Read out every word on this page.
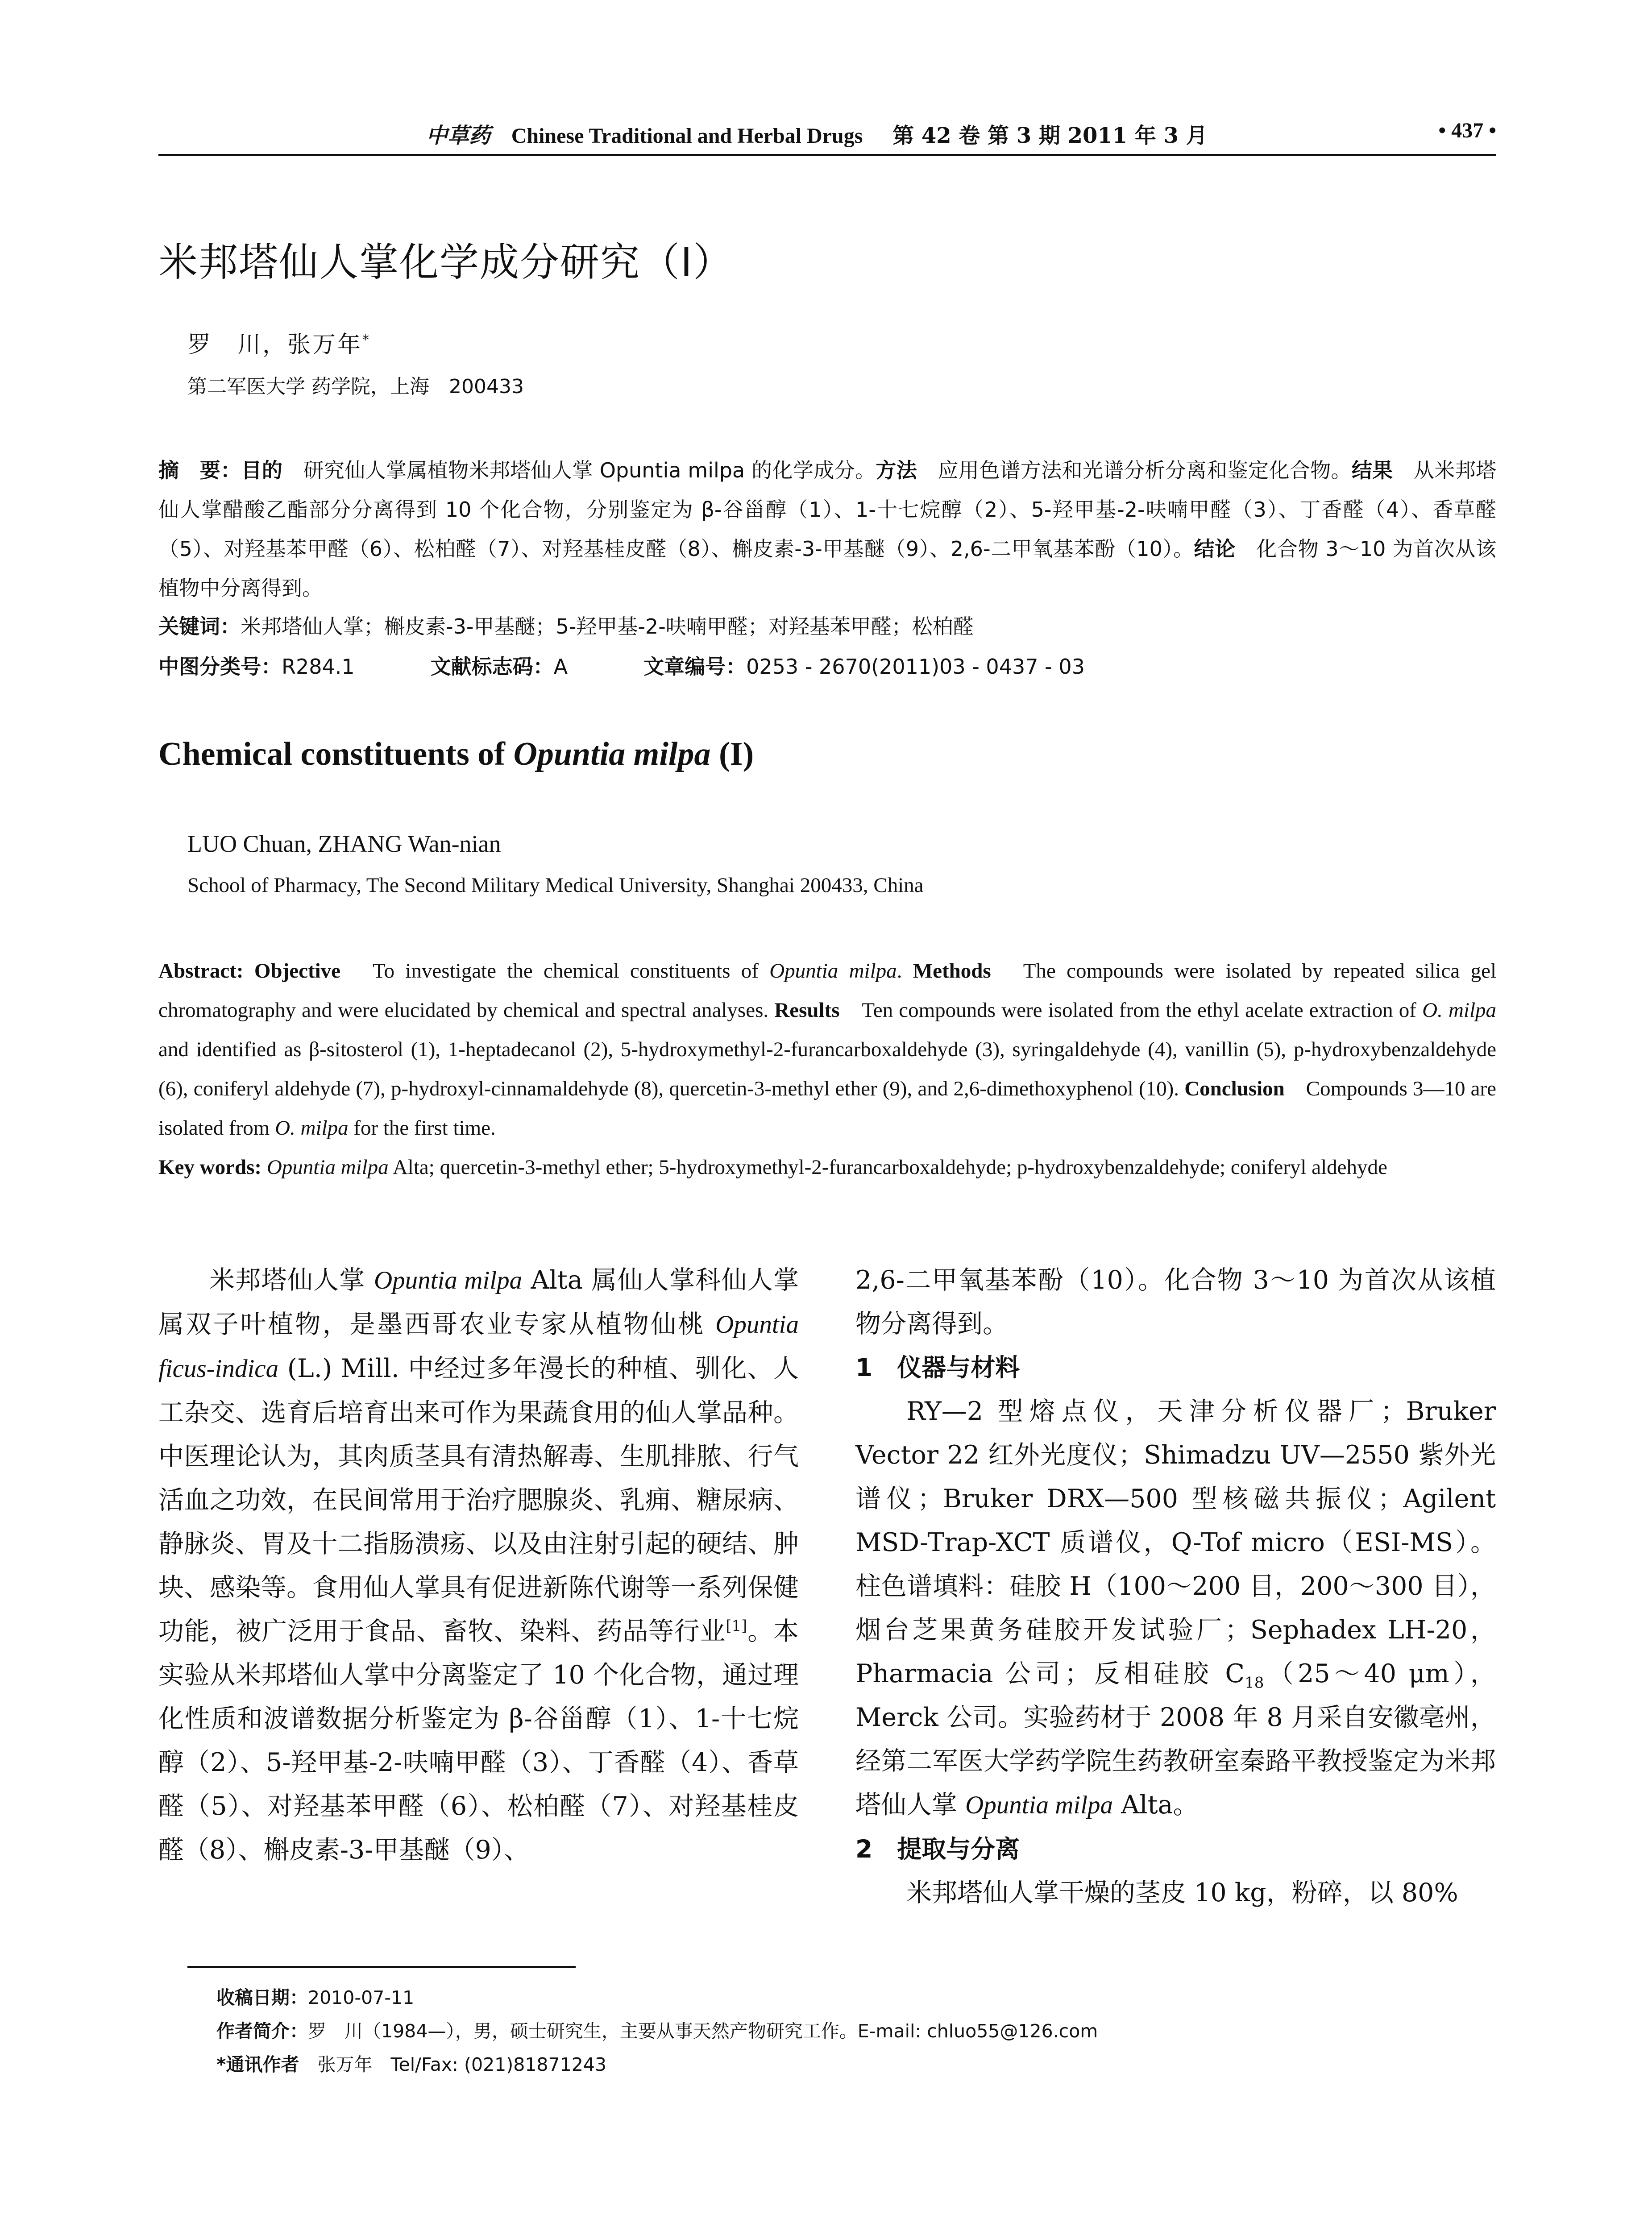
中草药 Chinese Traditional and Herbal Drugs 第 42 卷 第 3 期 2011 年 3 月	• 437 •
米邦塔仙人掌化学成分研究（I）
罗　川，张万年*
第二军医大学 药学院，上海　200433
摘　要：目的　研究仙人掌属植物米邦塔仙人掌 Opuntia milpa 的化学成分。方法　应用色谱方法和光谱分析分离和鉴定化合物。结果　从米邦塔仙人掌醋酸乙酯部分分离得到 10 个化合物，分别鉴定为 β-谷甾醇（1）、1-十七烷醇（2）、5-羟甲基-2-呋喃甲醛（3）、丁香醛（4）、香草醛（5）、对羟基苯甲醛（6）、松柏醛（7）、对羟基桂皮醛（8）、槲皮素-3-甲基醚（9）、2,6-二甲氧基苯酚（10）。结论　化合物 3～10 为首次从该植物中分离得到。
关键词：米邦塔仙人掌；槲皮素-3-甲基醚；5-羟甲基-2-呋喃甲醛；对羟基苯甲醛；松柏醛
中图分类号：R284.1	文献标志码：A	文章编号：0253 - 2670(2011)03 - 0437 - 03
Chemical constituents of Opuntia milpa (I)
LUO Chuan, ZHANG Wan-nian
School of Pharmacy, The Second Military Medical University, Shanghai 200433, China
Abstract: Objective　To investigate the chemical constituents of Opuntia milpa. Methods　The compounds were isolated by repeated silica gel chromatography and were elucidated by chemical and spectral analyses. Results　Ten compounds were isolated from the ethyl acelate extraction of O. milpa and identified as β-sitosterol (1), 1-heptadecanol (2), 5-hydroxymethyl-2-furancarboxaldehyde (3), syringaldehyde (4), vanillin (5), p-hydroxybenzaldehyde (6), coniferyl aldehyde (7), p-hydroxyl-cinnamaldehyde (8), quercetin-3-methyl ether (9), and 2,6-dimethoxyphenol (10). Conclusion　Compounds 3—10 are isolated from O. milpa for the first time.
Key words: Opuntia milpa Alta; quercetin-3-methyl ether; 5-hydroxymethyl-2-furancarboxaldehyde; p-hydroxybenzaldehyde; coniferyl aldehyde

米邦塔仙人掌 Opuntia milpa Alta 属仙人掌科仙人掌属双子叶植物，是墨西哥农业专家从植物仙桃 Opuntia ficus-indica (L.) Mill. 中经过多年漫长的种植、驯化、人工杂交、选育后培育出来可作为果蔬食用的仙人掌品种。中医理论认为，其肉质茎具有清热解毒、生肌排脓、行气活血之功效，在民间常用于治疗腮腺炎、乳痈、糖尿病、静脉炎、胃及十二指肠溃疡、以及由注射引起的硬结、肿块、感染等。食用仙人掌具有促进新陈代谢等一系列保健功能，被广泛用于食品、畜牧、染料、药品等行业[1]。本实验从米邦塔仙人掌中分离鉴定了 10 个化合物，通过理化性质和波谱数据分析鉴定为 β-谷甾醇（1）、1-十七烷醇（2）、5-羟甲基-2-呋喃甲醛（3）、丁香醛（4）、香草醛（5）、对羟基苯甲醛（6）、松柏醛（7）、对羟基桂皮醛（8）、槲皮素-3-甲基醚（9）、

2,6-二甲氧基苯酚（10）。化合物 3～10 为首次从该植物分离得到。

1　仪器与材料

RY—2 型熔点仪，天津分析仪器厂；Bruker Vector 22 红外光度仪；Shimadzu UV—2550 紫外光谱仪；Bruker DRX—500 型核磁共振仪；Agilent MSD-Trap-XCT 质谱仪，Q-Tof micro（ESI-MS）。柱色谱填料：硅胶 H（100～200 目，200～300 目），烟台芝果黄务硅胶开发试验厂；Sephadex LH-20，Pharmacia 公司；反相硅胶 $C_{18}(25\sim 40$ μm），Merck 公司。实验药材于 2008 年 8 月采自安徽亳州，经第二军医大学药学院生药教研室秦路平教授鉴定为米邦塔仙人掌 Opuntia milpa Alta。

2　提取与分离

米邦塔仙人掌干燥的茎皮 10 kg，粉碎，以 80%

收稿日期：2010-07-11
作者简介：罗　川（1984—），男，硕士研究生，主要从事天然产物研究工作。E-mail: chluo55@126.com
*通讯作者　张万年　Tel/Fax: (021)81871243
